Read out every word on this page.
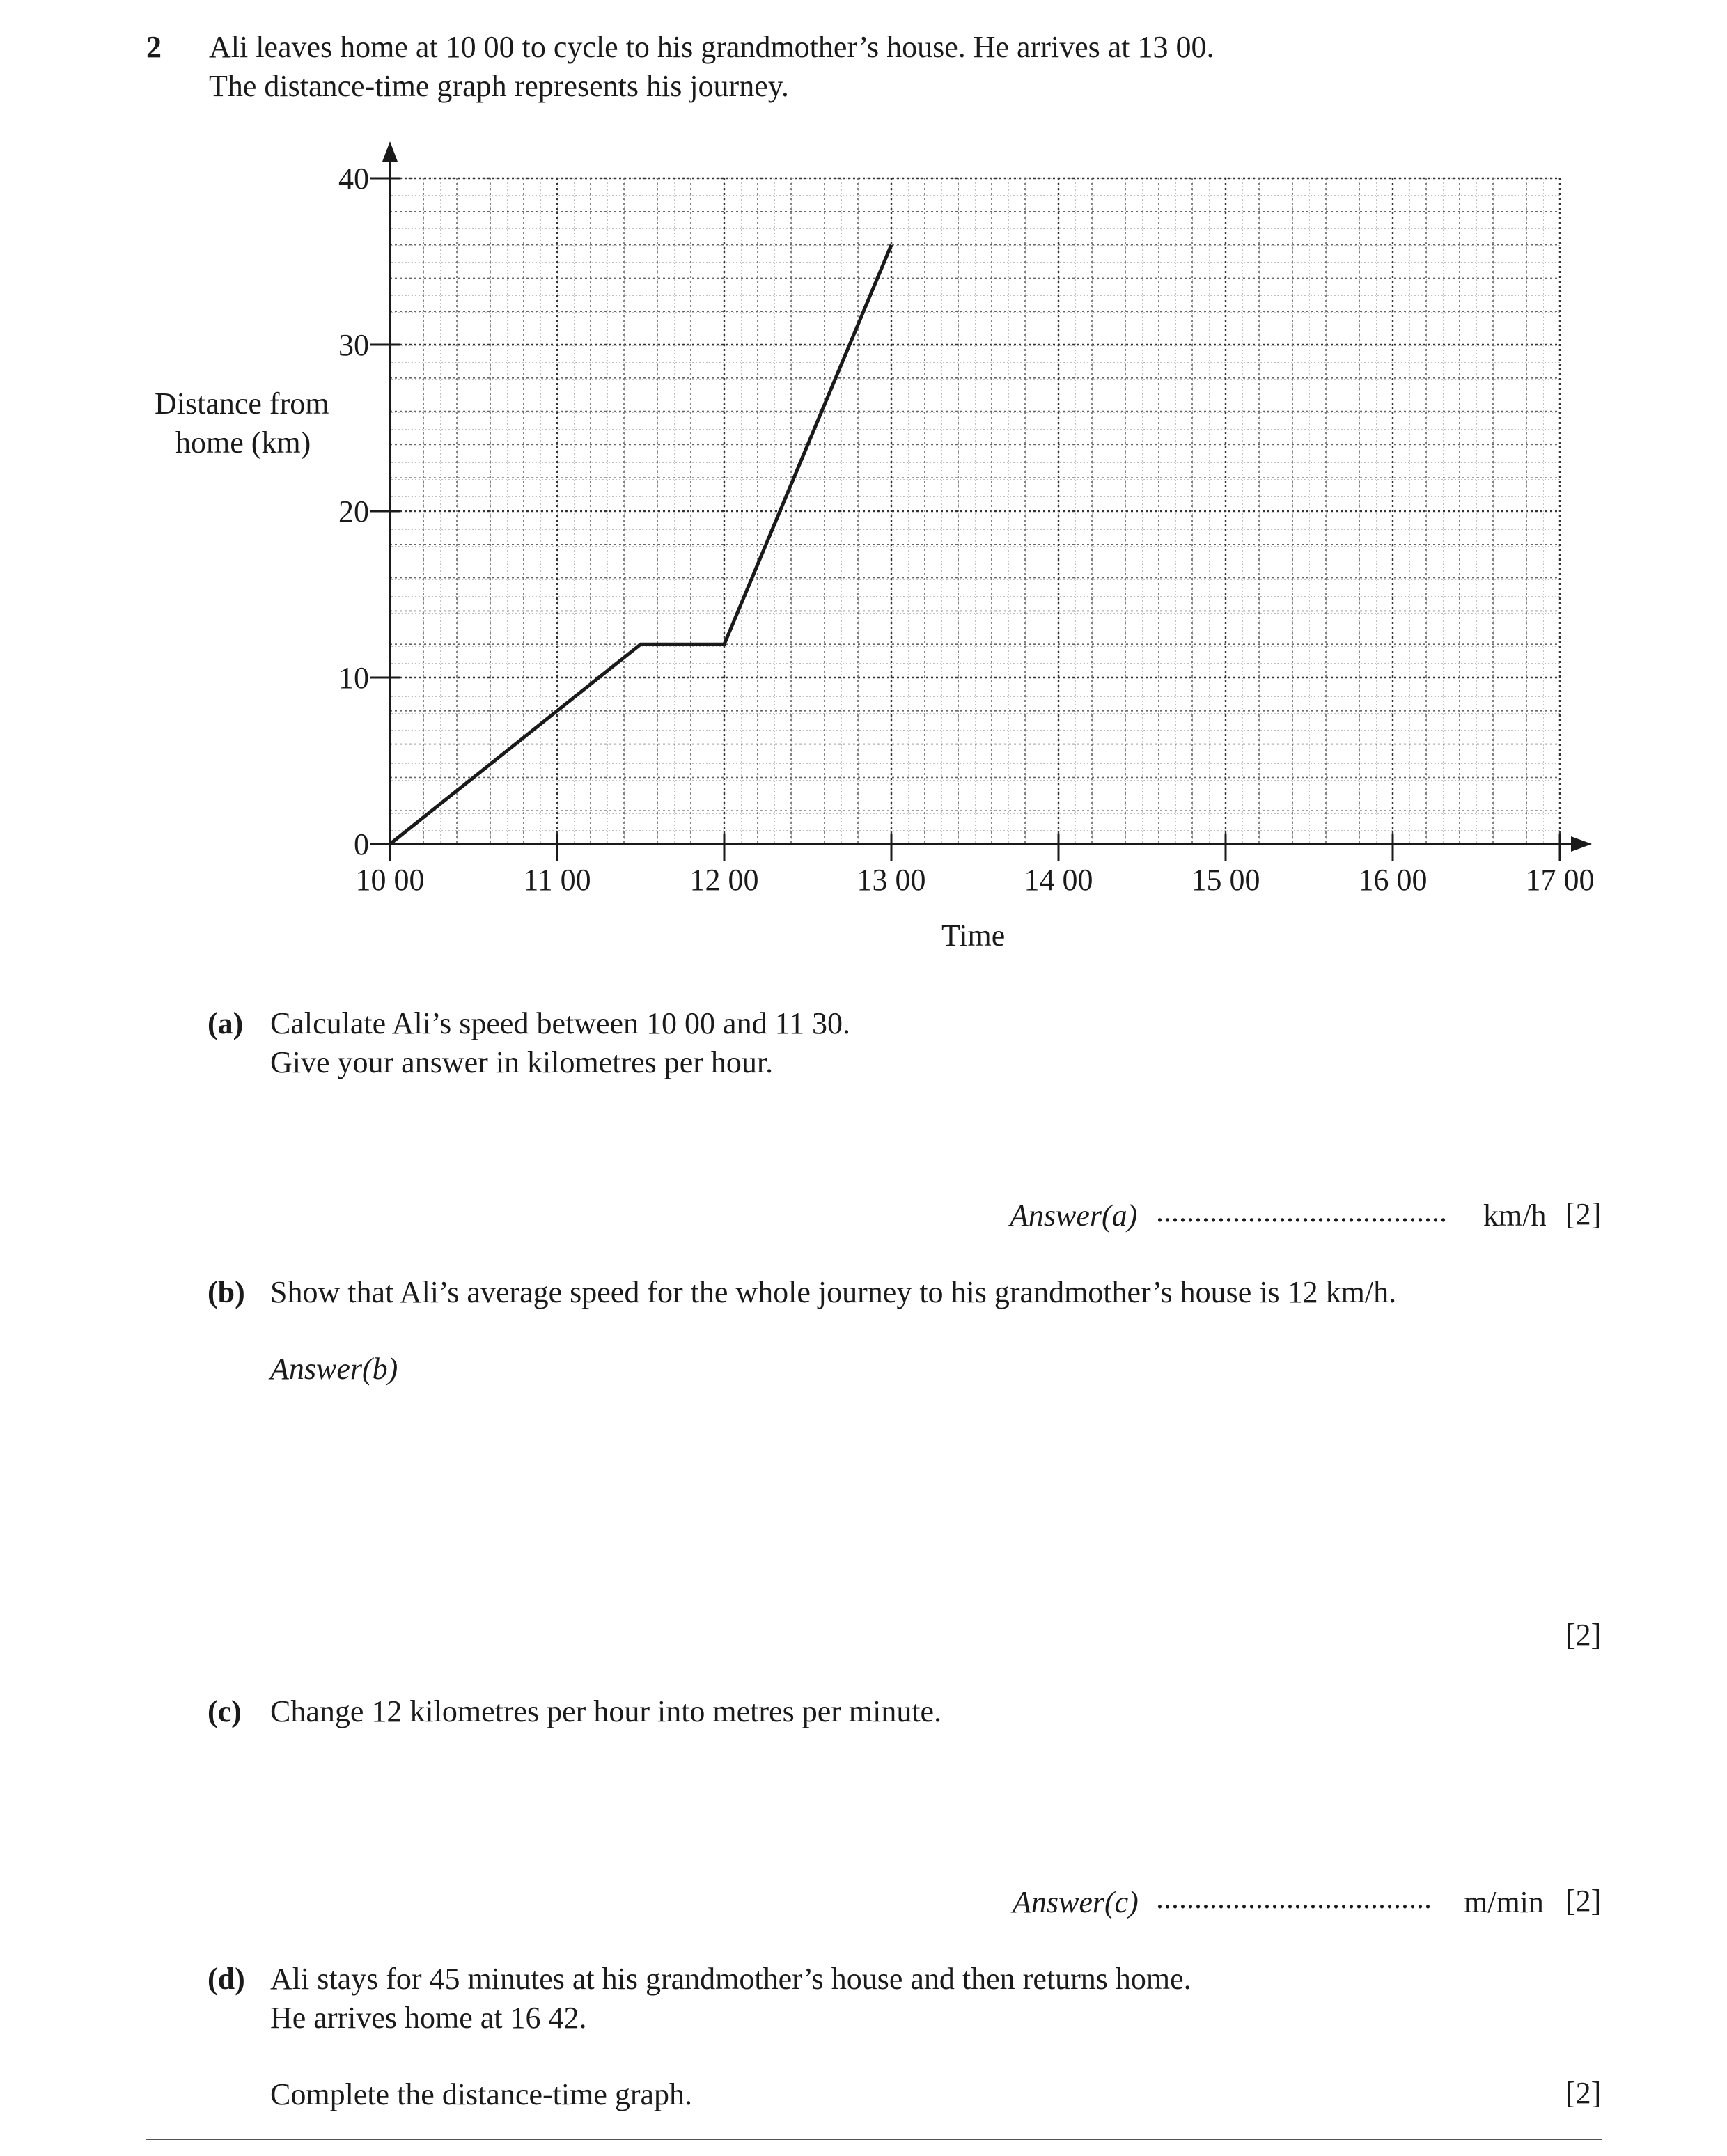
2 Ali leaves home at 10 00 to cycle to his grandmother’s house. He arrives at 13 00.
The distance-time graph represents his journey.
0
10
20
30
40
10 00	11 00	12 00	13 00	14 00	15 00	16 00	17 00
Distance from
home (km)
Time
(a) Calculate Ali’s speed between 10 00 and 11 30.
Give your answer in kilometres per hour.
Answer(a) ...................................... km/h [2]
(b) Show that Ali’s average speed for the whole journey to his grandmother’s house is 12 km/h.
Answer(b)
[2]
(c) Change 12 kilometres per hour into metres per minute.
Answer(c) .................................... m/min [2]
(d) Ali stays for 45 minutes at his grandmother’s house and then returns home.
He arrives home at 16 42.
Complete the distance-time graph.	[2]
